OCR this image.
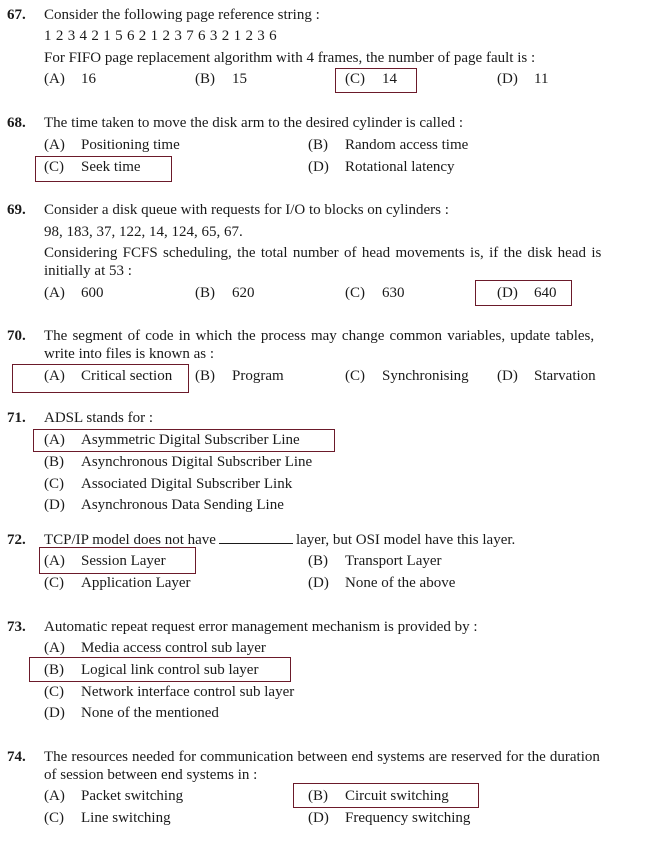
67. Consider the following page reference string :
1 2 3 4 2 1 5 6 2 1 2 3 7 6 3 2 1 2 3 6
For FIFO page replacement algorithm with 4 frames, the number of page fault is :
(A) 16	(B) 15	(C) 14	(D) 11
68. The time taken to move the disk arm to the desired cylinder is called :
(A) Positioning time	(B) Random access time
(C) Seek time	(D) Rotational latency
69. Consider a disk queue with requests for I/O to blocks on cylinders :
98, 183, 37, 122, 14, 124, 65, 67.
Considering FCFS scheduling, the total number of head movements is, if the disk head is
initially at 53 :
(A) 600	(B) 620	(C) 630	(D) 640
70. The segment of code in which the process may change common variables, update tables,
write into files is known as :
(A) Critical section (B) Program	(C) Synchronising (D) Starvation
71. ADSL stands for :
(A) Asymmetric Digital Subscriber Line
(B) Asynchronous Digital Subscriber Line
(C) Associated Digital Subscriber Link
(D) Asynchronous Data Sending Line
72. TCP/IP model does not have	layer, but OSI model have this layer.
(A) Session Layer	(B) Transport Layer
(C) Application Layer	(D) None of the above
73. Automatic repeat request error management mechanism is provided by :
(A) Media access control sub layer
(B) Logical link control sub layer
(C) Network interface control sub layer
(D) None of the mentioned
74. The resources needed for communication between end systems are reserved for the duration
of session between end systems in :
(A) Packet switching	(B) Circuit switching
(C) Line switching	(D) Frequency switching
